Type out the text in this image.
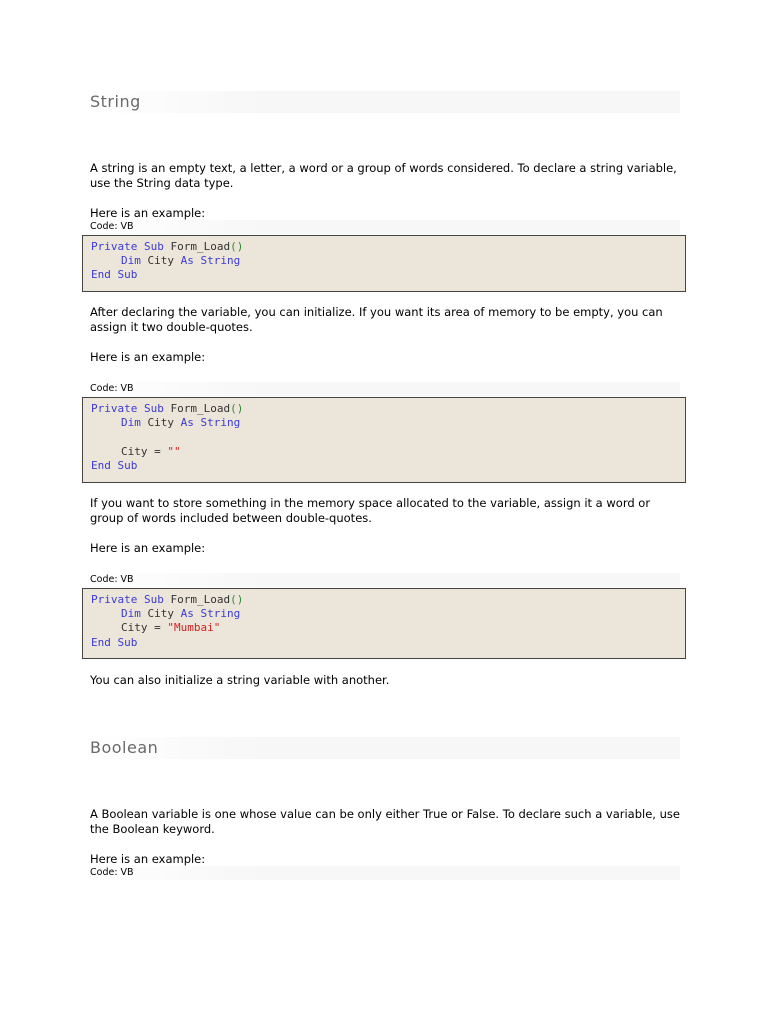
String
A string is an empty text, a letter, a word or a group of words considered. To declare a string variable, use the String data type.
Here is an example:
Code: VB
Private Sub Form_Load()
Dim City As String
End Sub
After declaring the variable, you can initialize. If you want its area of memory to be empty, you can assign it two double-quotes.
Here is an example:
Code: VB
Private Sub Form_Load()
Dim City As String

City = ""
End Sub
If you want to store something in the memory space allocated to the variable, assign it a word or group of words included between double-quotes.
Here is an example:
Code: VB
Private Sub Form_Load()
Dim City As String
City = "Mumbai"
End Sub
You can also initialize a string variable with another.
Boolean
A Boolean variable is one whose value can be only either True or False. To declare such a variable, use the Boolean keyword.
Here is an example:
Code: VB
